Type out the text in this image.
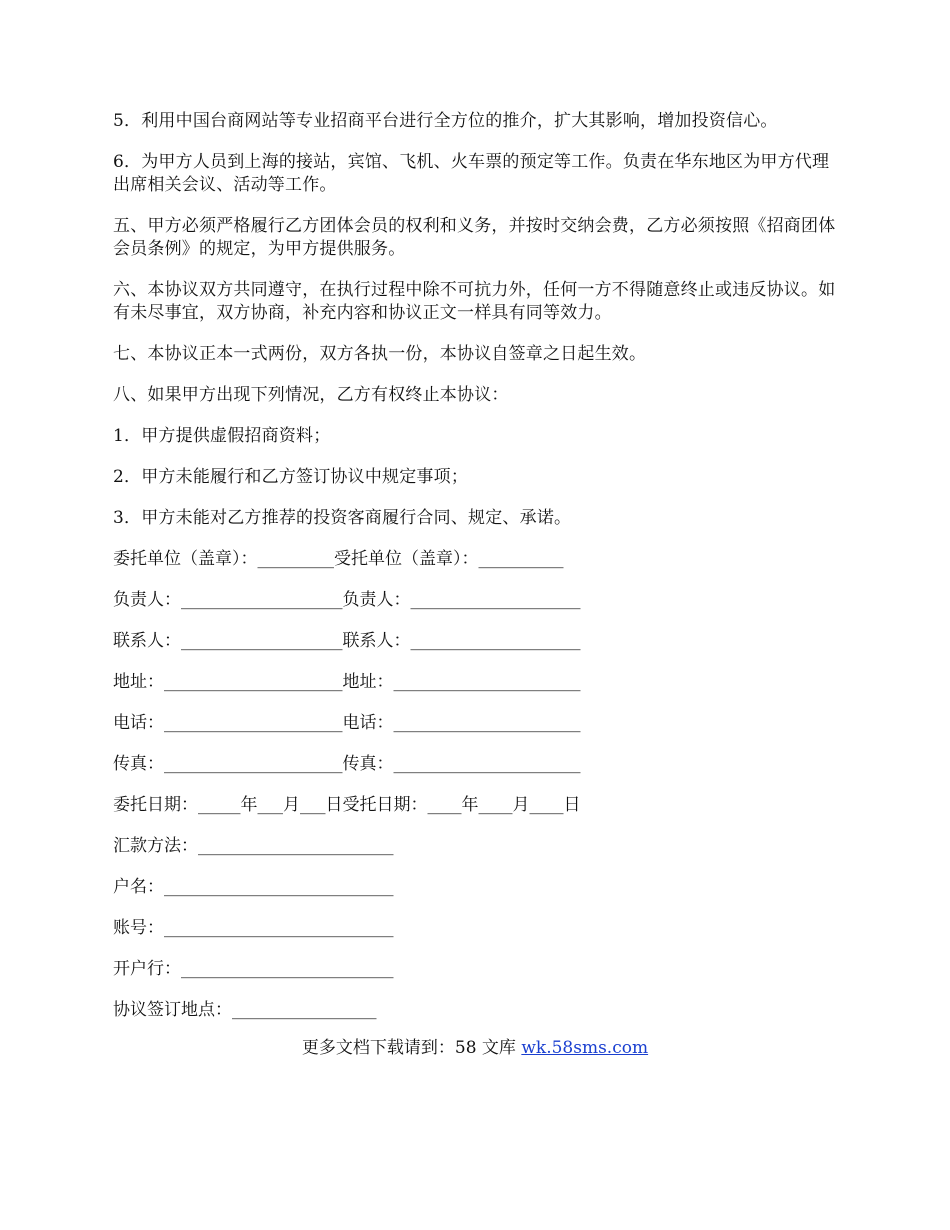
5．利用中国台商网站等专业招商平台进行全方位的推介，扩大其影响，增加投资信心。

6．为甲方人员到上海的接站，宾馆、飞机、火车票的预定等工作。负责在华东地区为甲方代理出席相关会议、活动等工作。

五、甲方必须严格履行乙方团体会员的权利和义务，并按时交纳会费，乙方必须按照《招商团体会员条例》的规定，为甲方提供服务。

六、本协议双方共同遵守，在执行过程中除不可抗力外，任何一方不得随意终止或违反协议。如有未尽事宜，双方协商，补充内容和协议正文一样具有同等效力。

七、本协议正本一式两份，双方各执一份，本协议自签章之日起生效。

八、如果甲方出现下列情况，乙方有权终止本协议：

1．甲方提供虚假招商资料；

2．甲方未能履行和乙方签订协议中规定事项；

3．甲方未能对乙方推荐的投资客商履行合同、规定、承诺。

委托单位（盖章）：_________受托单位（盖章）：__________
负责人：___________________负责人：____________________
联系人：___________________联系人：____________________
地址：_____________________地址：______________________
电话：_____________________电话：______________________
传真：_____________________传真：______________________
委托日期：_____年___月___日受托日期：____年____月____日
汇款方法：_______________________
户名：___________________________
账号：___________________________
开户行：_________________________
协议签订地点：_________________
更多文档下载请到：58 文库 wk.58sms.com
